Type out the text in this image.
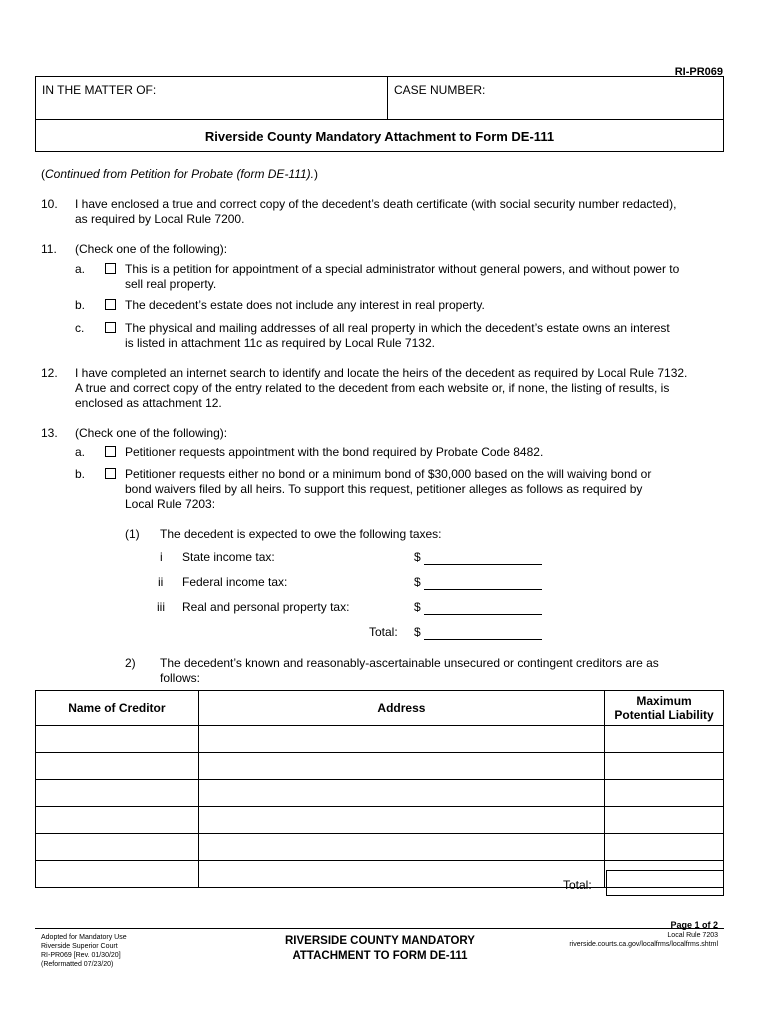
RI-PR069
IN THE MATTER OF:	CASE NUMBER:
Riverside County Mandatory Attachment to Form DE-111
(Continued from Petition for Probate (form DE-111).)
10. I have enclosed a true and correct copy of the decedent’s death certificate (with social security number redacted),
as required by Local Rule 7200.
11. (Check one of the following):
a.	This is a petition for appointment of a special administrator without general powers, and without power to
sell real property.
b.	The decedent’s estate does not include any interest in real property.
c.	The physical and mailing addresses of all real property in which the decedent’s estate owns an interest
is listed in attachment 11c as required by Local Rule 7132.
12. I have completed an internet search to identify and locate the heirs of the decedent as required by Local Rule 7132.
A true and correct copy of the entry related to the decedent from each website or, if none, the listing of results, is
enclosed as attachment 12.
13. (Check one of the following):
a.	Petitioner requests appointment with the bond required by Probate Code 8482.
b.	Petitioner requests either no bond or a minimum bond of $30,000 based on the will waiving bond or
bond waivers filed by all heirs. To support this request, petitioner alleges as follows as required by
Local Rule 7203:
(1) The decedent is expected to owe the following taxes:
i State income tax:	$
ii Federal income tax:	$
iii Real and personal property tax:	$
Total: $
2) The decedent’s known and reasonably-ascertainable unsecured or contingent creditors are as
follows:
Name of Creditor	Address	Maximum
Potential Liability

Total:
Adopted for Mandatory Use
Riverside Superior Court
RI-PR069 [Rev. 01/30/20]
(Reformatted 07/23/20)
RIVERSIDE COUNTY MANDATORY
ATTACHMENT TO FORM DE-111
Page 1 of 2
Local Rule 7203
riverside.courts.ca.gov/localfrms/localfrms.shtml
